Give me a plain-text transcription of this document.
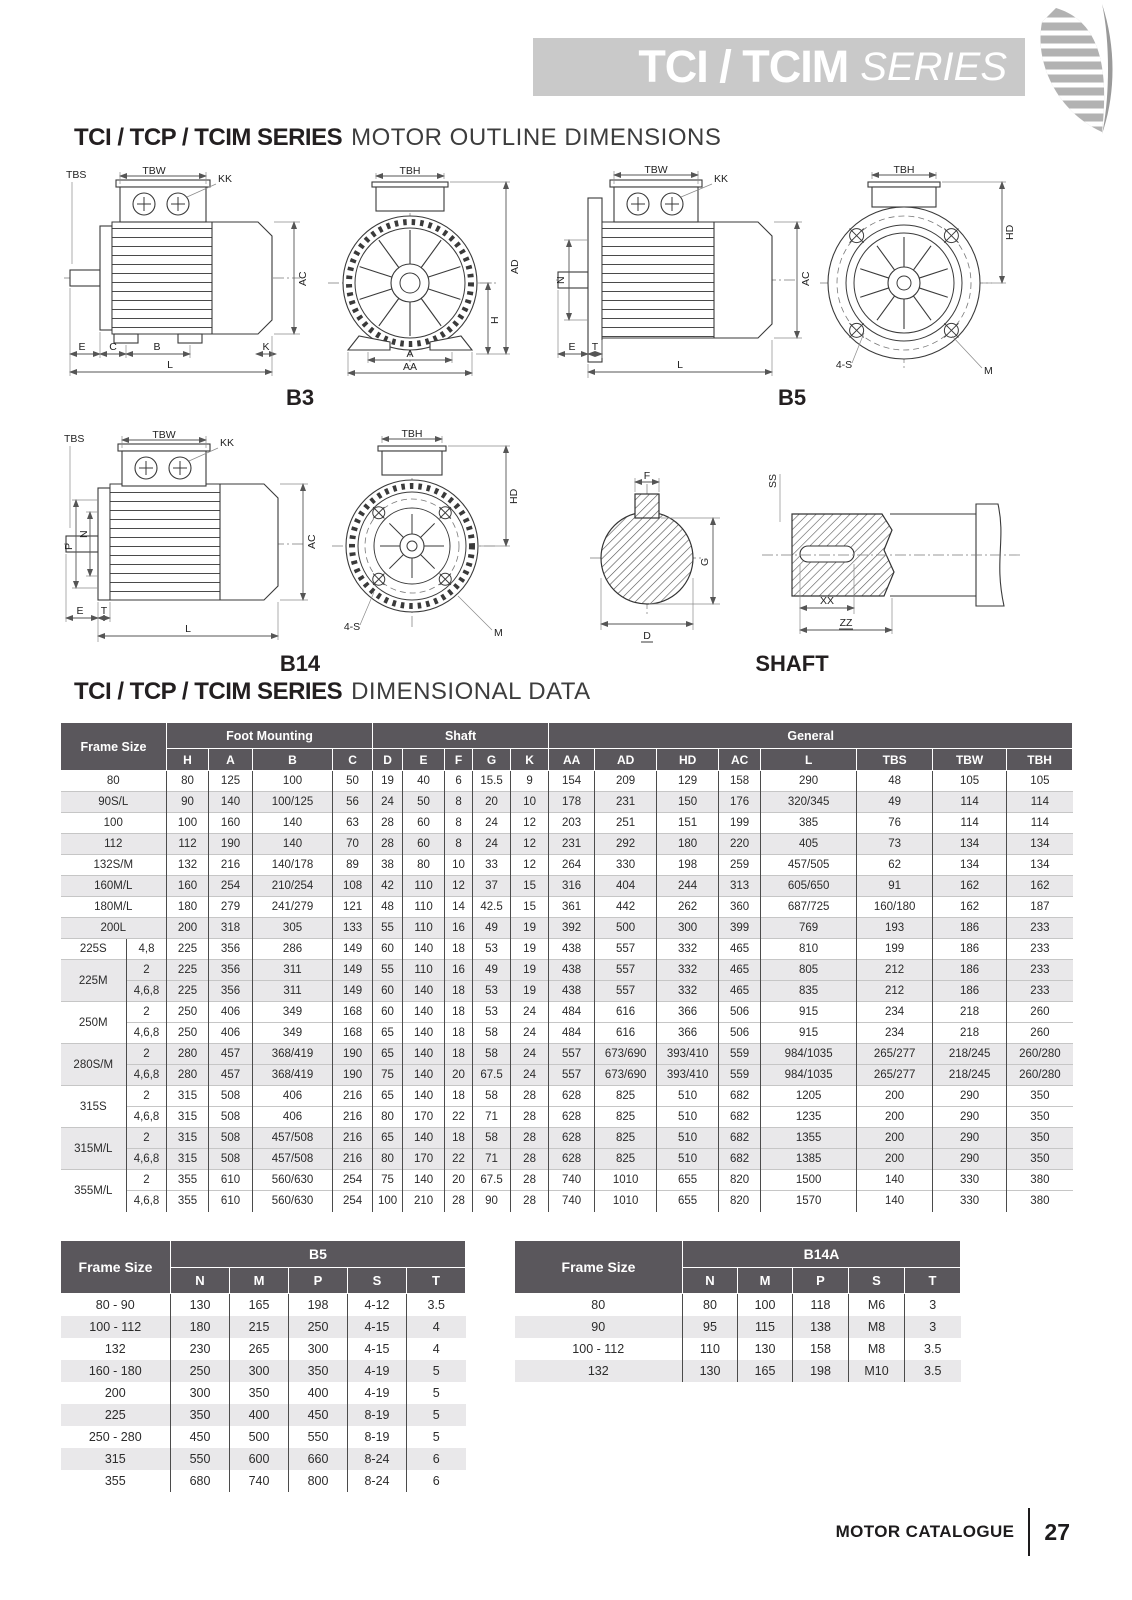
TCI / TCIM SERIES
TCI / TCP / TCIM SERIES MOTOR OUTLINE DIMENSIONS
TBS	TBW
KK
AC
E C	B	K
L
TBH
AD
H
A
AA
B3
TBW
KK
N	AC
E T
L
TBH
HD
4-S	M
B5
TBS	TBW
KK
P
N
AC
E T
L
TBH
HD
4-S	M
B14
F
G
D
SS
XX
ZZ
SHAFT
TCI / TCP / TCIM SERIES DIMENSIONAL DATA
Frame Size		Foot Mounting				Shaft					General							
		H	A	B	C	D	E	F	G	K	AA	AD	HD	AC	L	TBS	TBW	TBH
80		80	125	100	50	19	40	6	15.5	9	154	209	129	158	290	48	105	105
90S/L		90	140	100/125	56	24	50	8	20	10	178	231	150	176	320/345	49	114	114
100		100	160	140	63	28	60	8	24	12	203	251	151	199	385	76	114	114
112		112	190	140	70	28	60	8	24	12	231	292	180	220	405	73	134	134
132S/M		132	216	140/178	89	38	80	10	33	12	264	330	198	259	457/505	62	134	134
160M/L		160	254	210/254	108	42	110	12	37	15	316	404	244	313	605/650	91	162	162
180M/L		180	279	241/279	121	48	110	14	42.5	15	361	442	262	360	687/725	160/180	162	187
200L		200	318	305	133	55	110	16	49	19	392	500	300	399	769	193	186	233
225S	4,8	225	356	286	149	60	140	18	53	19	438	557	332	465	810	199	186	233
225M	2	225	356	311	149	55	110	16	49	19	438	557	332	465	805	212	186	233
	4,6,8	225	356	311	149	60	140	18	53	19	438	557	332	465	835	212	186	233
250M	2	250	406	349	168	60	140	18	53	24	484	616	366	506	915	234	218	260
	4,6,8	250	406	349	168	65	140	18	58	24	484	616	366	506	915	234	218	260
280S/M	2	280	457	368/419	190	65	140	18	58	24	557	673/690	393/410	559	984/1035	265/277	218/245	260/280
	4,6,8	280	457	368/419	190	75	140	20	67.5	24	557	673/690	393/410	559	984/1035	265/277	218/245	260/280
315S	2	315	508	406	216	65	140	18	58	28	628	825	510	682	1205	200	290	350
	4,6,8	315	508	406	216	80	170	22	71	28	628	825	510	682	1235	200	290	350
315M/L	2	315	508	457/508	216	65	140	18	58	28	628	825	510	682	1355	200	290	350
	4,6,8	315	508	457/508	216	80	170	22	71	28	628	825	510	682	1385	200	290	350
355M/L	2	355	610	560/630	254	75	140	20	67.5	28	740	1010	655	820	1500	140	330	380
	4,6,8	355	610	560/630	254	100	210	28	90	28	740	1010	655	820	1570	140	330	380
Frame Size	B5				
	N	M	P	S	T
80 - 90	130	165	198	4-12	3.5
100 - 112	180	215	250	4-15	4
132	230	265	300	4-15	4
160 - 180	250	300	350	4-19	5
200	300	350	400	4-19	5
225	350	400	450	8-19	5
250 - 280	450	500	550	8-19	5
315	550	600	660	8-24	6
355	680	740	800	8-24	6
Frame Size	B14A				
	N	M	P	S	T
80	80	100	118	M6	3
90	95	115	138	M8	3
100 - 112	110	130	158	M8	3.5
132	130	165	198	M10	3.5
MOTOR CATALOGUE 27
